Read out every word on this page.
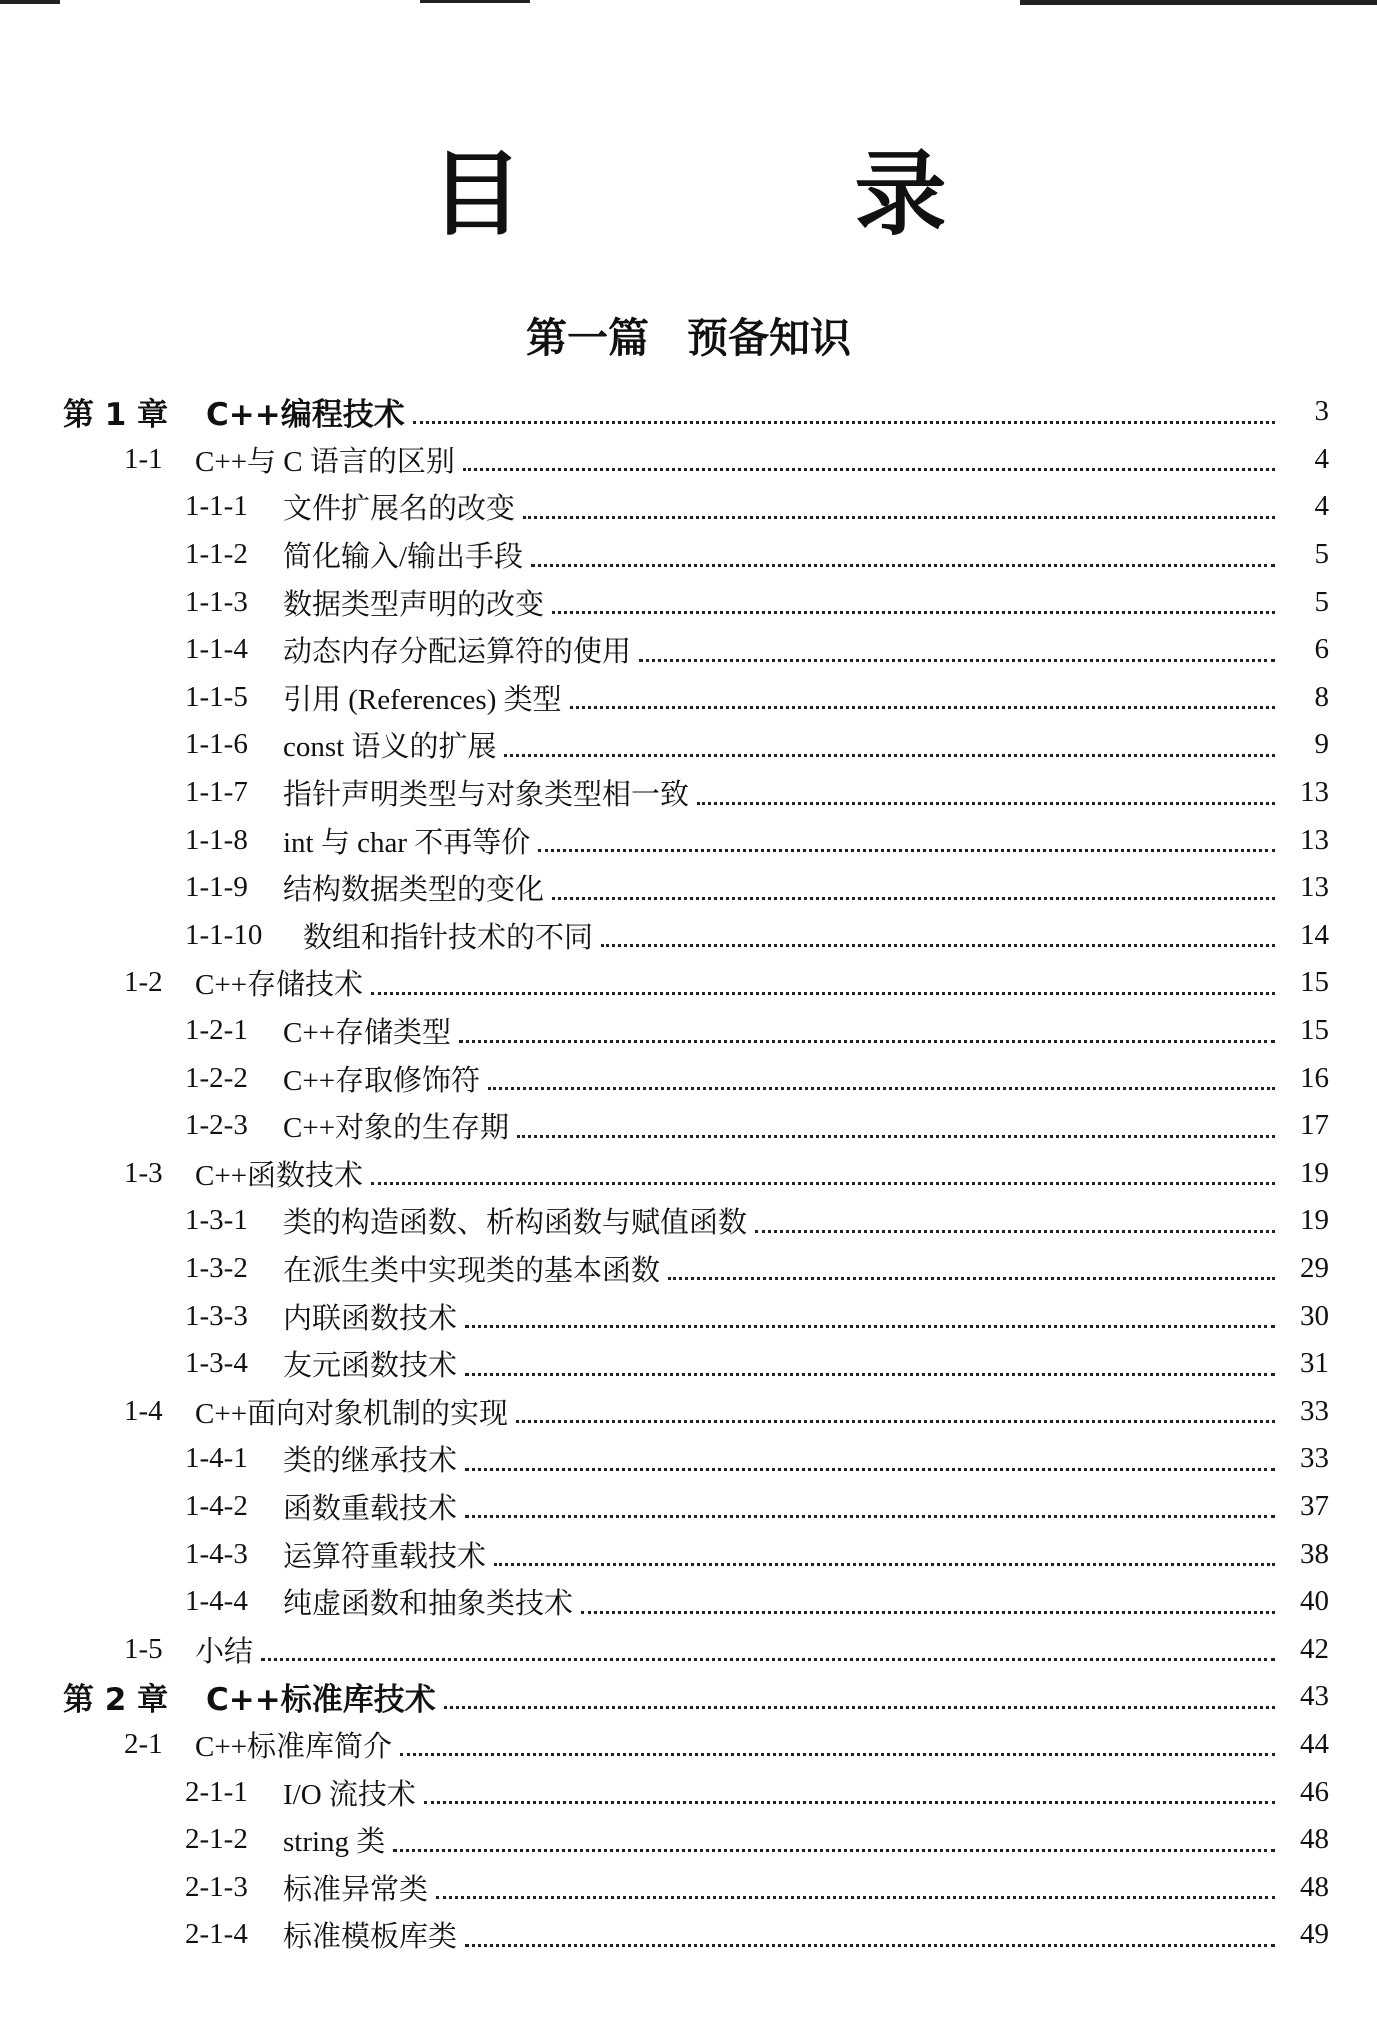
目 录
第一篇 预备知识
第 1 章	C++编程技术	3
1-1	C++与 C 语言的区别	4
1-1-1	文件扩展名的改变	4
1-1-2	简化输入/输出手段	5
1-1-3	数据类型声明的改变	5
1-1-4	动态内存分配运算符的使用	6
1-1-5	引用 (References) 类型	8
1-1-6	const 语义的扩展	9
1-1-7	指针声明类型与对象类型相一致	13
1-1-8	int 与 char 不再等价	13
1-1-9	结构数据类型的变化	13
1-1-10	数组和指针技术的不同	14
1-2	C++存储技术	15
1-2-1	C++存储类型	15
1-2-2	C++存取修饰符	16
1-2-3	C++对象的生存期	17
1-3	C++函数技术	19
1-3-1	类的构造函数、析构函数与赋值函数	19
1-3-2	在派生类中实现类的基本函数	29
1-3-3	内联函数技术	30
1-3-4	友元函数技术	31
1-4	C++面向对象机制的实现	33
1-4-1	类的继承技术	33
1-4-2	函数重载技术	37
1-4-3	运算符重载技术	38
1-4-4	纯虚函数和抽象类技术	40
1-5	小结	42
第 2 章	C++标准库技术	43
2-1	C++标准库简介	44
2-1-1	I/O 流技术	46
2-1-2	string 类	48
2-1-3	标准异常类	48
2-1-4	标准模板库类	49
